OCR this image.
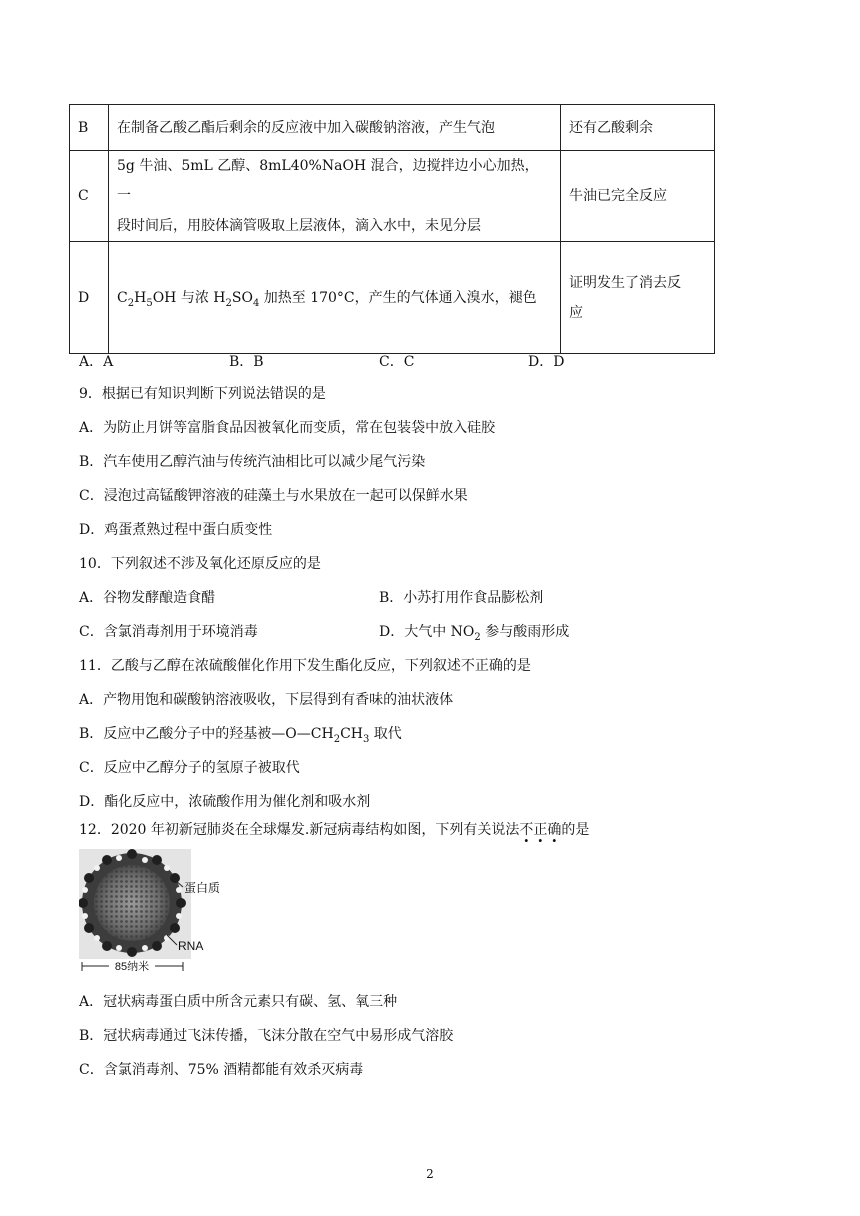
B	在制备乙酸乙酯后剩余的反应液中加入碳酸钠溶液，产生气泡	还有乙酸剩余
C	5g 牛油、5mL 乙醇、8mL40%NaOH 混合，边搅拌边小心加热，一
段时间后，用胶体滴管吸取上层液体，滴入水中，未见分层	牛油已完全反应
D	$C_2H_5OH$ 与浓 $H_2SO_4$ 加热至 170°C，产生的气体通入溴水，褪色	证明发生了消去反
应
A．A	B．B	C．C	D．D
9．根据已有知识判断下列说法错误的是
A．为防止月饼等富脂食品因被氧化而变质，常在包装袋中放入硅胶
B．汽车使用乙醇汽油与传统汽油相比可以减少尾气污染
C．浸泡过高锰酸钾溶液的硅藻土与水果放在一起可以保鲜水果
D．鸡蛋煮熟过程中蛋白质变性
10．下列叙述不涉及氧化还原反应的是
A．谷物发酵酿造食醋	B．小苏打用作食品膨松剂
C．含氯消毒剂用于环境消毒	D．大气中 $NO_2$ 参与酸雨形成
11．乙酸与乙醇在浓硫酸催化作用下发生酯化反应，下列叙述不正确的是
A．产物用饱和碳酸钠溶液吸收，下层得到有香味的油状液体
B．反应中乙酸分子中的羟基被$—O—CH_2CH_3$ 取代
C．反应中乙醇分子的氢原子被取代
D．酯化反应中，浓硫酸作用为催化剂和吸水剂
12．2020 年初新冠肺炎在全球爆发.新冠病毒结构如图，下列有关说法不正确的是
蛋白质
RNA
85纳米
A．冠状病毒蛋白质中所含元素只有碳、氢、氧三种
B．冠状病毒通过飞沫传播，飞沫分散在空气中易形成气溶胶
C．含氯消毒剂、75% 酒精都能有效杀灭病毒
2
